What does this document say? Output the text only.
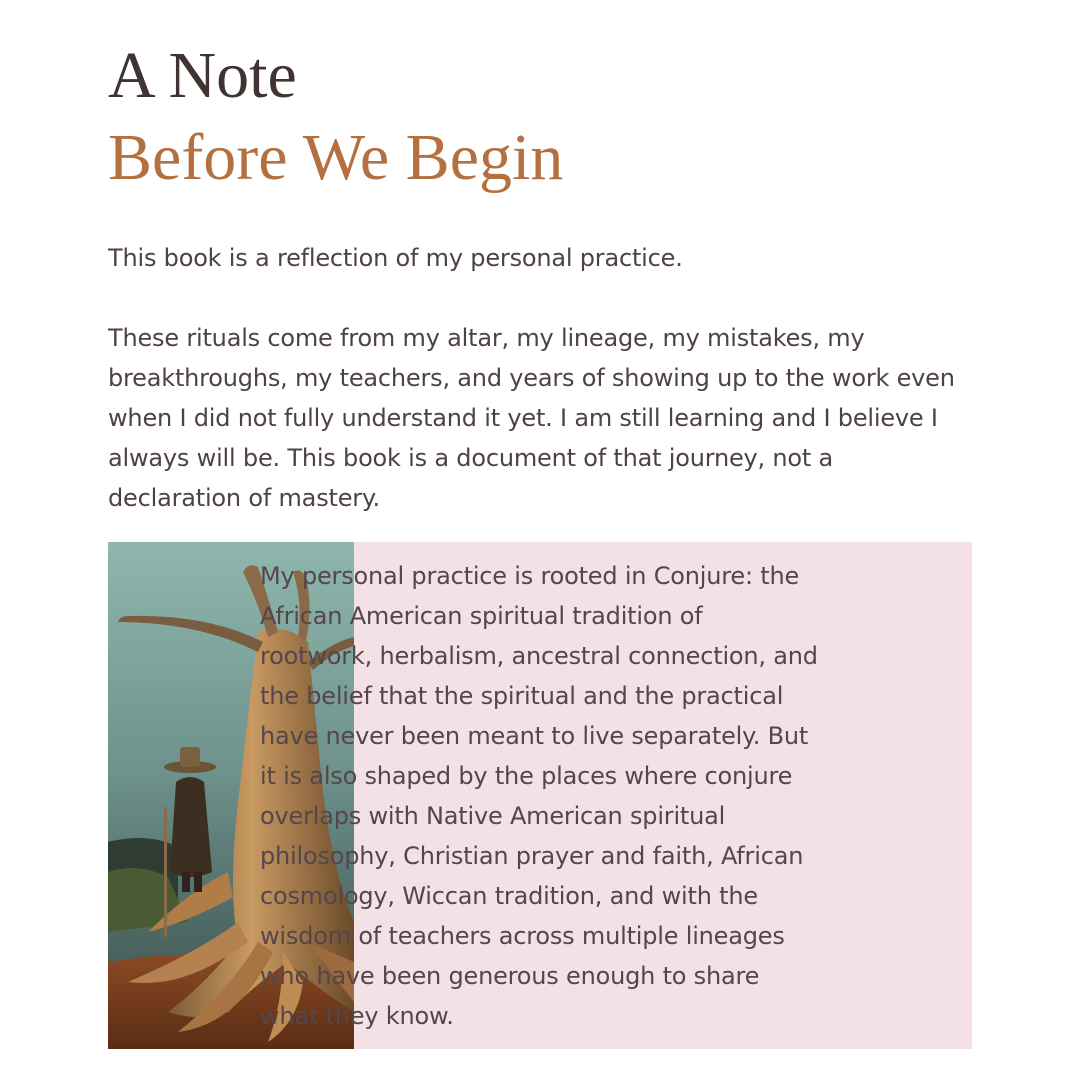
A Note
Before We Begin

This book is a reflection of my personal practice.

These rituals come from my altar, my lineage, my mistakes, my breakthroughs, my teachers, and years of showing up to the work even when I did not fully understand it yet. I am still learning and I believe I always will be. This book is a document of that journey, not a declaration of mastery.

My personal practice is rooted in Conjure: the
African American spiritual tradition of
rootwork, herbalism, ancestral connection, and
the belief that the spiritual and the practical
have never been meant to live separately. But
it is also shaped by the places where conjure
overlaps with Native American spiritual
philosophy, Christian prayer and faith, African
cosmology, Wiccan tradition, and with the
wisdom of teachers across multiple lineages
who have been generous enough to share
what they know.
